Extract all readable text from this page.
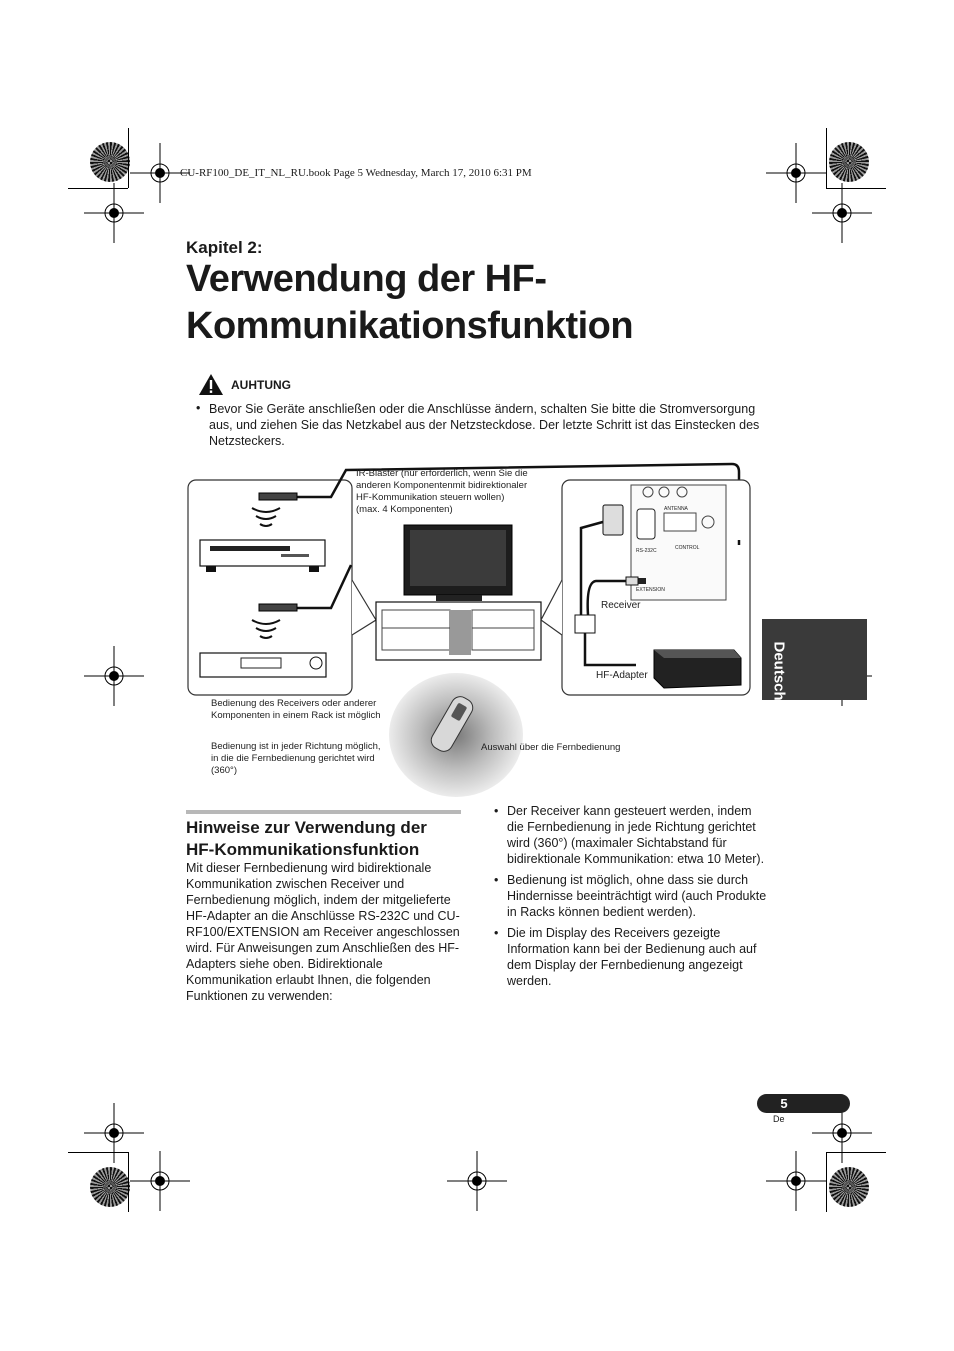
CU-RF100_DE_IT_NL_RU.book Page 5 Wednesday, March 17, 2010 6:31 PM
Kapitel 2:
Verwendung der HF-
Kommunikationsfunktion
AUHTUNG
• Bevor Sie Geräte anschließen oder die Anschlüsse ändern, schalten Sie bitte die Stromversorgung aus, und ziehen Sie das Netzkabel aus der Netzsteckdose. Der letzte Schritt ist das Einstecken des Netzsteckers.
ANTENNA
RS-232C	CONTROL
EXTENSION
IR-Blaster (nur erforderlich, wenn Sie die
anderen Komponentenmit bidirektionaler
HF-Kommunikation steuern wollen)
(max. 4 Komponenten)
Receiver
HF-Adapter
Bedienung des Receivers oder anderer
Komponenten in einem Rack ist möglich
Bedienung ist in jeder Richtung möglich,
in die die Fernbedienung gerichtet wird
(360°)
Auswahl über die Fernbedienung
Hinweise zur Verwendung der
HF-Kommunikationsfunktion
Mit dieser Fernbedienung wird bidirektionale Kommunikation zwischen Receiver und Fernbedienung möglich, indem der mitgelieferte HF-Adapter an die Anschlüsse RS-232C und CU-RF100/EXTENSION am Receiver angeschlossen wird. Für Anweisungen zum Anschließen des HF-Adapters siehe oben. Bidirektionale Kommunikation erlaubt Ihnen, die folgenden Funktionen zu verwenden:
• Der Receiver kann gesteuert werden, indem die Fernbedienung in jede Richtung gerichtet wird (360°) (maximaler Sichtabstand für bidirektionale Kommunikation: etwa 10 Meter).
• Bedienung ist möglich, ohne dass sie durch Hindernisse beeinträchtigt wird (auch Produkte in Racks können bedient werden).
• Die im Display des Receivers gezeigte Information kann bei der Bedienung auch auf dem Display der Fernbedienung angezeigt werden.
Deutsch
5
De
